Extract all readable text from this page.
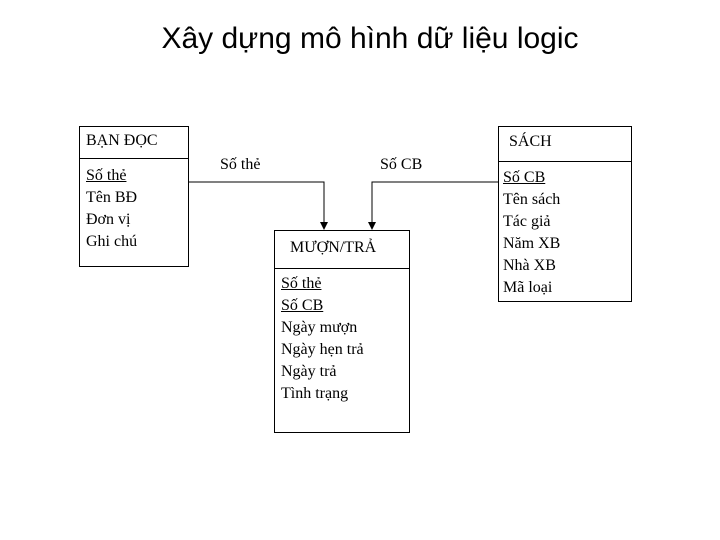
Xây dựng mô hình dữ liệu logic
BẠN ĐỌC
Số thẻ
Tên BĐ
Đơn vị
Ghi chú
SÁCH
Số CB
Tên sách
Tác giả
Năm XB
Nhà XB
Mã loại
MƯỢN/TRẢ
Số thẻ
Số CB
Ngày mượn
Ngày hẹn trả
Ngày trả
Tình trạng
Số thẻ	Số CB
